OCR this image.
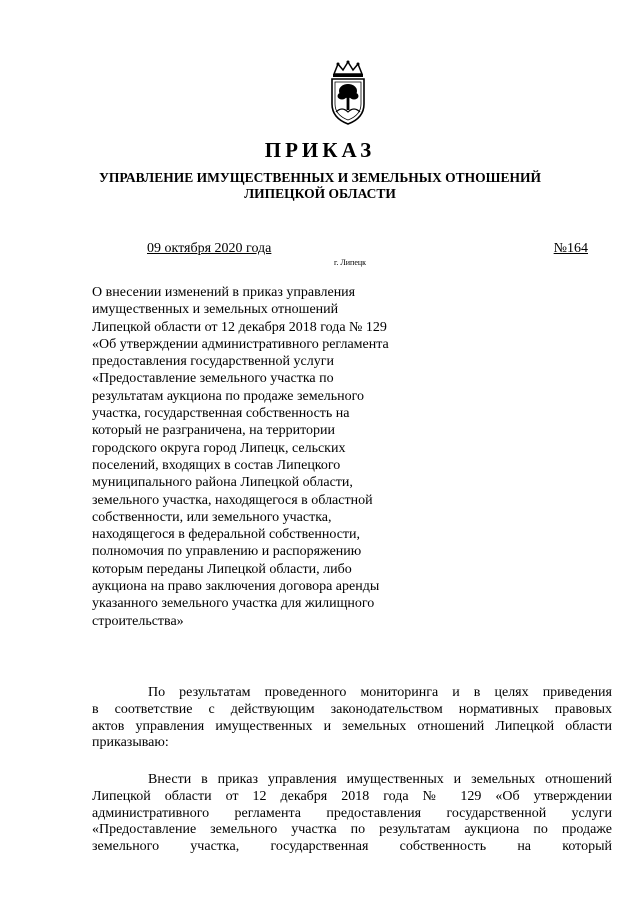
ПРИКАЗ
УПРАВЛЕНИЕ ИМУЩЕСТВЕННЫХ И ЗЕМЕЛЬНЫХ ОТНОШЕНИЙ
ЛИПЕЦКОЙ ОБЛАСТИ
09 октября 2020 года	№164
г. Липецк
О внесении изменений в приказ управления
имущественных и земельных отношений
Липецкой области от 12 декабря 2018 года № 129
«Об утверждении административного регламента
предоставления государственной услуги
«Предоставление земельного участка по
результатам аукциона по продаже земельного
участка, государственная собственность на
который не разграничена, на территории
городского округа город Липецк, сельских
поселений, входящих в состав Липецкого
муниципального района Липецкой области,
земельного участка, находящегося в областной
собственности, или земельного участка,
находящегося в федеральной собственности,
полномочия по управлению и распоряжению
которым переданы Липецкой области, либо
аукциона на право заключения договора аренды
указанного земельного участка для жилищного
строительства»
По результатам проведенного мониторинга и в целях приведения
в соответствие с действующим законодательством нормативных правовых
актов управления имущественных и земельных отношений Липецкой области
приказываю:
Внести в приказ управления имущественных и земельных отношений
Липецкой области от 12 декабря 2018 года № 129 «Об утверждении
административного регламента предоставления государственной услуги
«Предоставление земельного участка по результатам аукциона по продаже
земельного участка, государственная собственность на который
